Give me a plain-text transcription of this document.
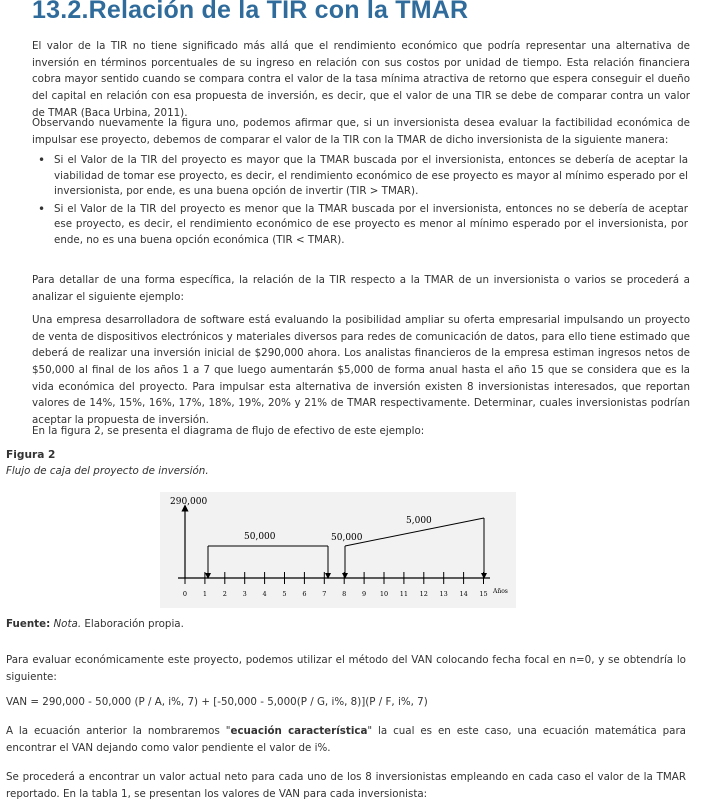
13.2.Relación de la TIR con la TMAR

El valor de la TIR no tiene significado más allá que el rendimiento económico que podría representar una alternativa de inversión en términos porcentuales de su ingreso en relación con sus costos por unidad de tiempo. Esta relación financiera cobra mayor sentido cuando se compara contra el valor de la tasa mínima atractiva de retorno que espera conseguir el dueño del capital en relación con esa propuesta de inversión, es decir, que el valor de una TIR se debe de comparar contra un valor de TMAR (Baca Urbina, 2011).

Observando nuevamente la figura uno, podemos afirmar que, si un inversionista desea evaluar la factibilidad económica de impulsar ese proyecto, debemos de comparar el valor de la TIR con la TMAR de dicho inversionista de la siguiente manera:

• Si el Valor de la TIR del proyecto es mayor que la TMAR buscada por el inversionista, entonces se debería de aceptar la viabilidad de tomar ese proyecto, es decir, el rendimiento económico de ese proyecto es mayor al mínimo esperado por el inversionista, por ende, es una buena opción de invertir (TIR > TMAR).
• Si el Valor de la TIR del proyecto es menor que la TMAR buscada por el inversionista, entonces no se debería de aceptar ese proyecto, es decir, el rendimiento económico de ese proyecto es menor al mínimo esperado por el inversionista, por ende, no es una buena opción económica (TIR < TMAR).

Para detallar de una forma específica, la relación de la TIR respecto a la TMAR de un inversionista o varios se procederá a analizar el siguiente ejemplo:

Una empresa desarrolladora de software está evaluando la posibilidad ampliar su oferta empresarial impulsando un proyecto de venta de dispositivos electrónicos y materiales diversos para redes de comunicación de datos, para ello tiene estimado que deberá de realizar una inversión inicial de $290,000 ahora. Los analistas financieros de la empresa estiman ingresos netos de $50,000 al final de los años 1 a 7 que luego aumentarán $5,000 de forma anual hasta el año 15 que se considera que es la vida económica del proyecto. Para impulsar esta alternativa de inversión existen 8 inversionistas interesados, que reportan valores de 14%, 15%, 16%, 17%, 18%, 19%, 20% y 21% de TMAR respectivamente. Determinar, cuales inversionistas podrían aceptar la propuesta de inversión.

En la figura 2, se presenta el diagrama de flujo de efectivo de este ejemplo:

Figura 2
Flujo de caja del proyecto de inversión.
0 1 2 3 4 5 6 7 8 9 10 11 12 13 14 15 Años
290,000
50,000	50,000
5,000
Fuente: Nota. Elaboración propia.

Para evaluar económicamente este proyecto, podemos utilizar el método del VAN colocando fecha focal en n=0, y se obtendría lo siguiente:

VAN = 290,000 - 50,000 (P / A, i%, 7) + [-50,000 - 5,000(P / G, i%, 8)](P / F, i%, 7)

A la ecuación anterior la nombraremos "ecuación característica" la cual es en este caso, una ecuación matemática para encontrar el VAN dejando como valor pendiente el valor de i%.

Se procederá a encontrar un valor actual neto para cada uno de los 8 inversionistas empleando en cada caso el valor de la TMAR reportado. En la tabla 1, se presentan los valores de VAN para cada inversionista:
